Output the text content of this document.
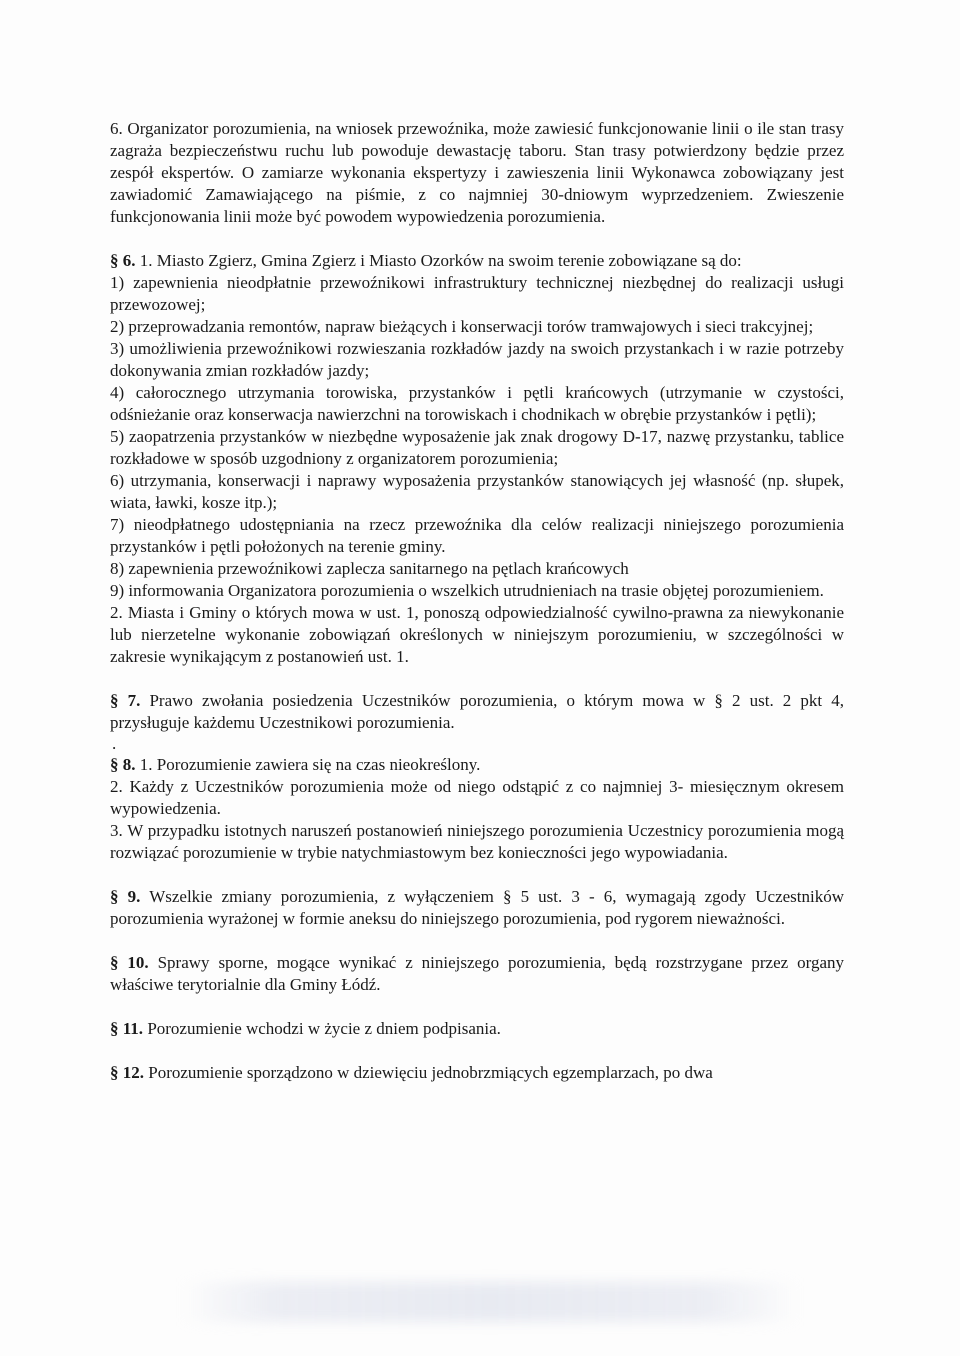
6. Organizator porozumienia, na wniosek przewoźnika, może zawiesić funkcjonowanie linii o ile stan trasy zagraża bezpieczeństwu ruchu lub powoduje dewastację taboru. Stan trasy potwierdzony będzie przez zespół ekspertów. O zamiarze wykonania ekspertyzy i zawieszenia linii Wykonawca zobowiązany jest zawiadomić Zamawiającego na piśmie, z co najmniej 30-dniowym wyprzedzeniem. Zwieszenie funkcjonowania linii może być powodem wypowiedzenia porozumienia.

§ 6. 1. Miasto Zgierz, Gmina Zgierz i Miasto Ozorków na swoim terenie zobowiązane są do:

1) zapewnienia nieodpłatnie przewoźnikowi infrastruktury technicznej niezbędnej do realizacji usługi przewozowej;

2) przeprowadzania remontów, napraw bieżących i konserwacji torów tramwajowych i sieci trakcyjnej;

3) umożliwienia przewoźnikowi rozwieszania rozkładów jazdy na swoich przystankach i w razie potrzeby dokonywania zmian rozkładów jazdy;

4) całorocznego utrzymania torowiska, przystanków i pętli krańcowych (utrzymanie w czystości, odśnieżanie oraz konserwacja nawierzchni na torowiskach i chodnikach w obrębie przystanków i pętli);

5) zaopatrzenia przystanków w niezbędne wyposażenie jak znak drogowy D-17, nazwę przystanku, tablice rozkładowe w sposób uzgodniony z organizatorem porozumienia;

6) utrzymania, konserwacji i naprawy wyposażenia przystanków stanowiących jej własność (np. słupek, wiata, ławki, kosze itp.);

7) nieodpłatnego udostępniania na rzecz przewoźnika dla celów realizacji niniejszego porozumienia przystanków i pętli położonych na terenie gminy.

8) zapewnienia przewoźnikowi zaplecza sanitarnego na pętlach krańcowych

9) informowania Organizatora porozumienia o wszelkich utrudnieniach na trasie objętej porozumieniem.

2. Miasta i Gminy o których mowa w ust. 1, ponoszą odpowiedzialność cywilno-prawna za niewykonanie lub nierzetelne wykonanie zobowiązań określonych w niniejszym porozumieniu, w szczególności w zakresie wynikającym z postanowień ust. 1.

§ 7. Prawo zwołania posiedzenia Uczestników porozumienia, o którym mowa w § 2 ust. 2 pkt 4, przysługuje każdemu Uczestnikowi porozumienia.

.

§ 8. 1. Porozumienie zawiera się na czas nieokreślony.

2. Każdy z Uczestników porozumienia może od niego odstąpić z co najmniej 3- miesięcznym okresem wypowiedzenia.

3. W przypadku istotnych naruszeń postanowień niniejszego porozumienia Uczestnicy porozumienia mogą rozwiązać porozumienie w trybie natychmiastowym bez konieczności jego wypowiadania.

§ 9. Wszelkie zmiany porozumienia, z wyłączeniem § 5 ust. 3 - 6, wymagają zgody Uczestników porozumienia wyrażonej w formie aneksu do niniejszego porozumienia, pod rygorem nieważności.

§ 10. Sprawy sporne, mogące wynikać z niniejszego porozumienia, będą rozstrzygane przez organy właściwe terytorialnie dla Gminy Łódź.

§ 11. Porozumienie wchodzi w życie z dniem podpisania.

§ 12. Porozumienie sporządzono w dziewięciu jednobrzmiących egzemplarzach, po dwa
